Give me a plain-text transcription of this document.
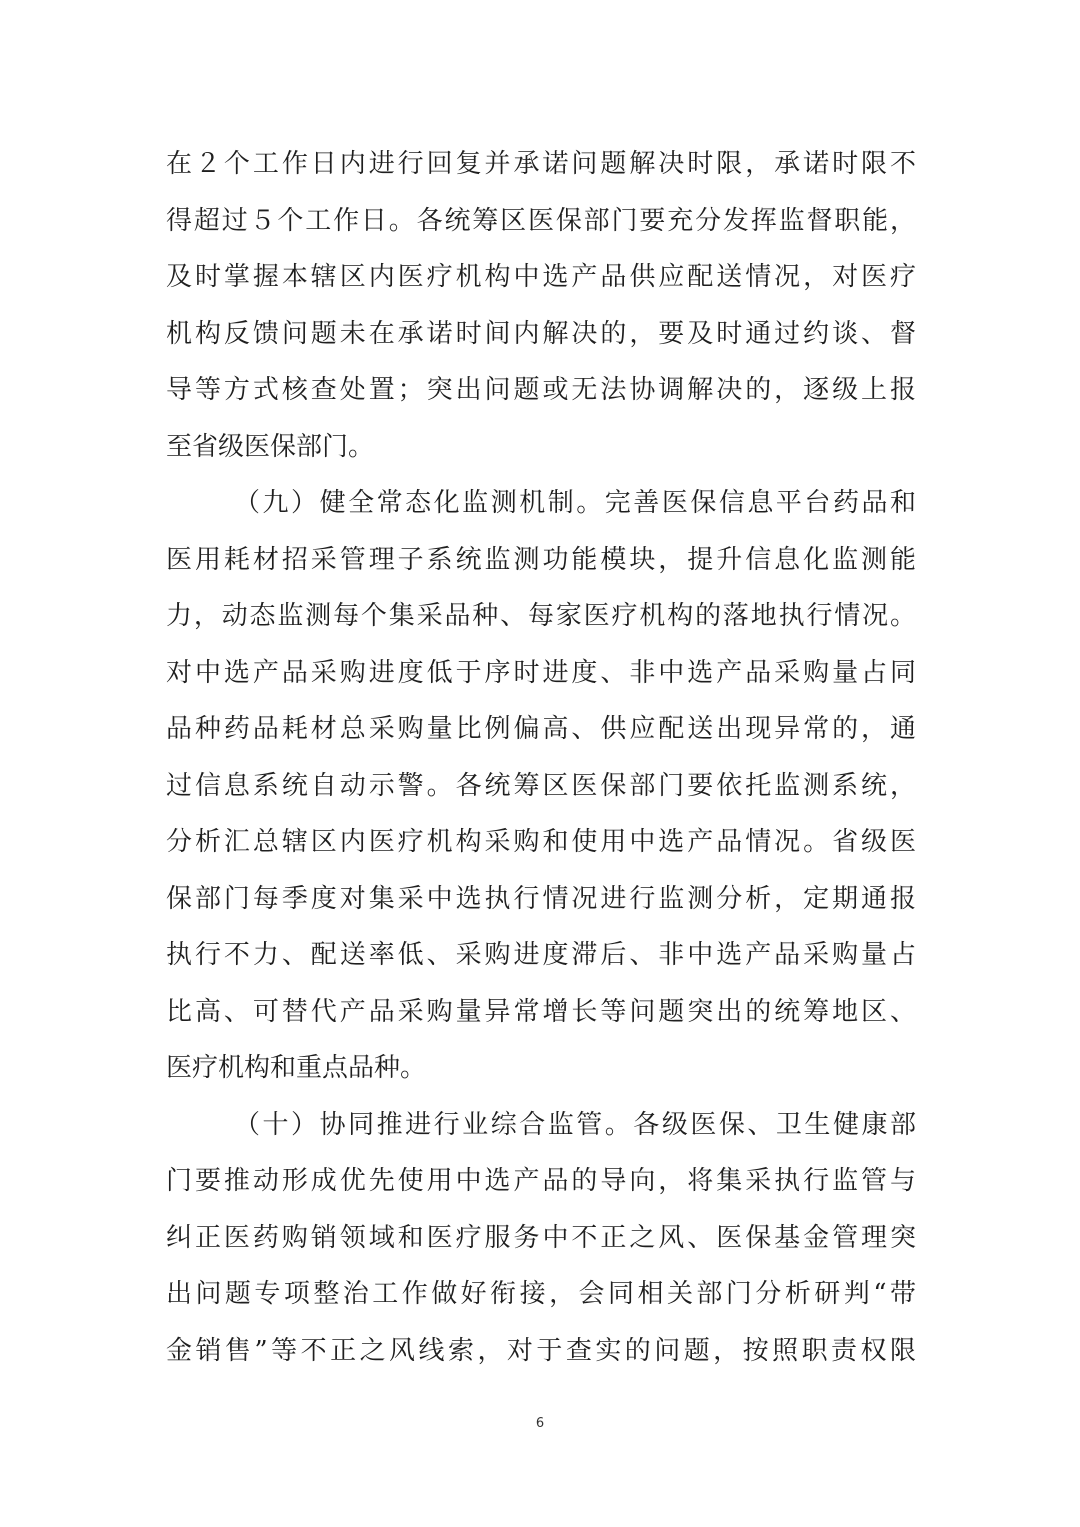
在２个工作日内进行回复并承诺问题解决时限，承诺时限不
得超过５个工作日。各统筹区医保部门要充分发挥监督职能，
及时掌握本辖区内医疗机构中选产品供应配送情况，对医疗
机构反馈问题未在承诺时间内解决的，要及时通过约谈、督
导等方式核查处置；突出问题或无法协调解决的，逐级上报
至省级医保部门。
（九）健全常态化监测机制。完善医保信息平台药品和
医用耗材招采管理子系统监测功能模块，提升信息化监测能
力，动态监测每个集采品种、每家医疗机构的落地执行情况。
对中选产品采购进度低于序时进度、非中选产品采购量占同
品种药品耗材总采购量比例偏高、供应配送出现异常的，通
过信息系统自动示警。各统筹区医保部门要依托监测系统，
分析汇总辖区内医疗机构采购和使用中选产品情况。省级医
保部门每季度对集采中选执行情况进行监测分析，定期通报
执行不力、配送率低、采购进度滞后、非中选产品采购量占
比高、可替代产品采购量异常增长等问题突出的统筹地区、
医疗机构和重点品种。
（十）协同推进行业综合监管。各级医保、卫生健康部
门要推动形成优先使用中选产品的导向，将集采执行监管与
纠正医药购销领域和医疗服务中不正之风、医保基金管理突
出问题专项整治工作做好衔接，会同相关部门分析研判“带
金销售”等不正之风线索，对于查实的问题，按照职责权限
6
